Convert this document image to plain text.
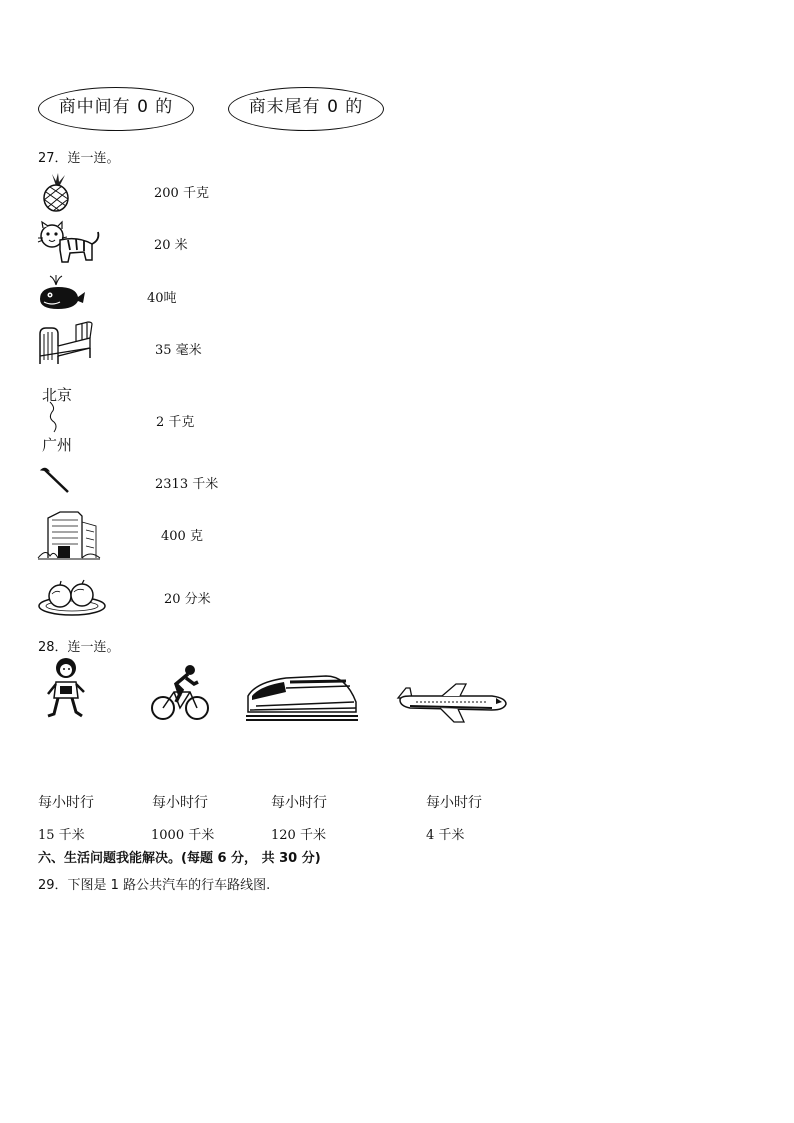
商中间有 0 的	商末尾有 0 的
27．连一连。
200 千克
20 米
40吨
35 毫米
北京
广州
2 千克
2313 千米
400 克
20 分米
28．连一连。
每小时行	每小时行	每小时行	每小时行
15 千米	1000 千米	120 千米	4 千米
六、生活问题我能解决。(每题 6 分， 共 30 分)
29．下图是 1 路公共汽车的行车路线图.
